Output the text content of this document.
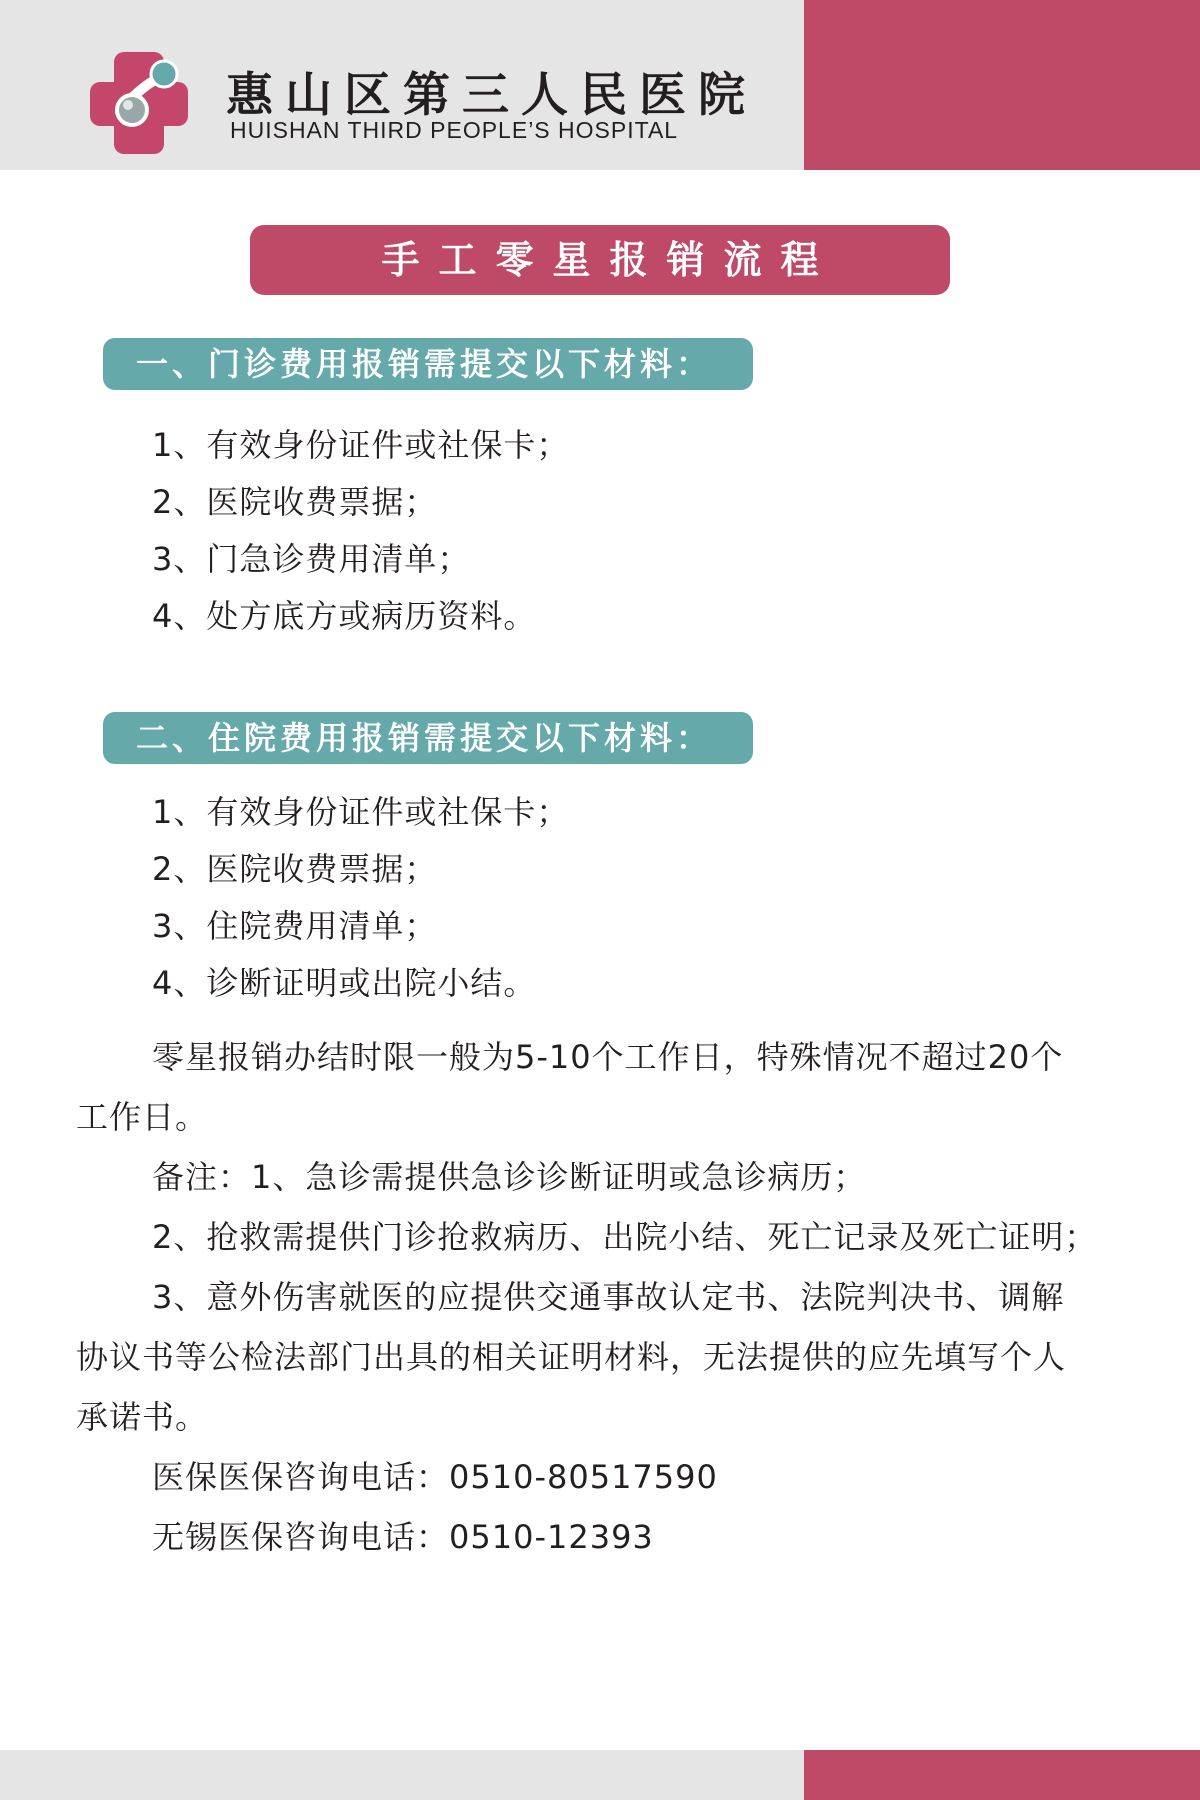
惠山区第三人民医院
HUISHAN THIRD PEOPLE’S HOSPITAL
手工零星报销流程
一、门诊费用报销需提交以下材料：
1、有效身份证件或社保卡；
2、医院收费票据；
3、门急诊费用清单；
4、处方底方或病历资料。
二、住院费用报销需提交以下材料：
1、有效身份证件或社保卡；
2、医院收费票据；
3、住院费用清单；
4、诊断证明或出院小结。
零星报销办结时限一般为5-10个工作日，特殊情况不超过20个
工作日。
备注：1、急诊需提供急诊诊断证明或急诊病历；
2、抢救需提供门诊抢救病历、出院小结、死亡记录及死亡证明；
3、意外伤害就医的应提供交通事故认定书、法院判决书、调解
协议书等公检法部门出具的相关证明材料，无法提供的应先填写个人
承诺书。
医保医保咨询电话：0510-80517590
无锡医保咨询电话：0510-12393
